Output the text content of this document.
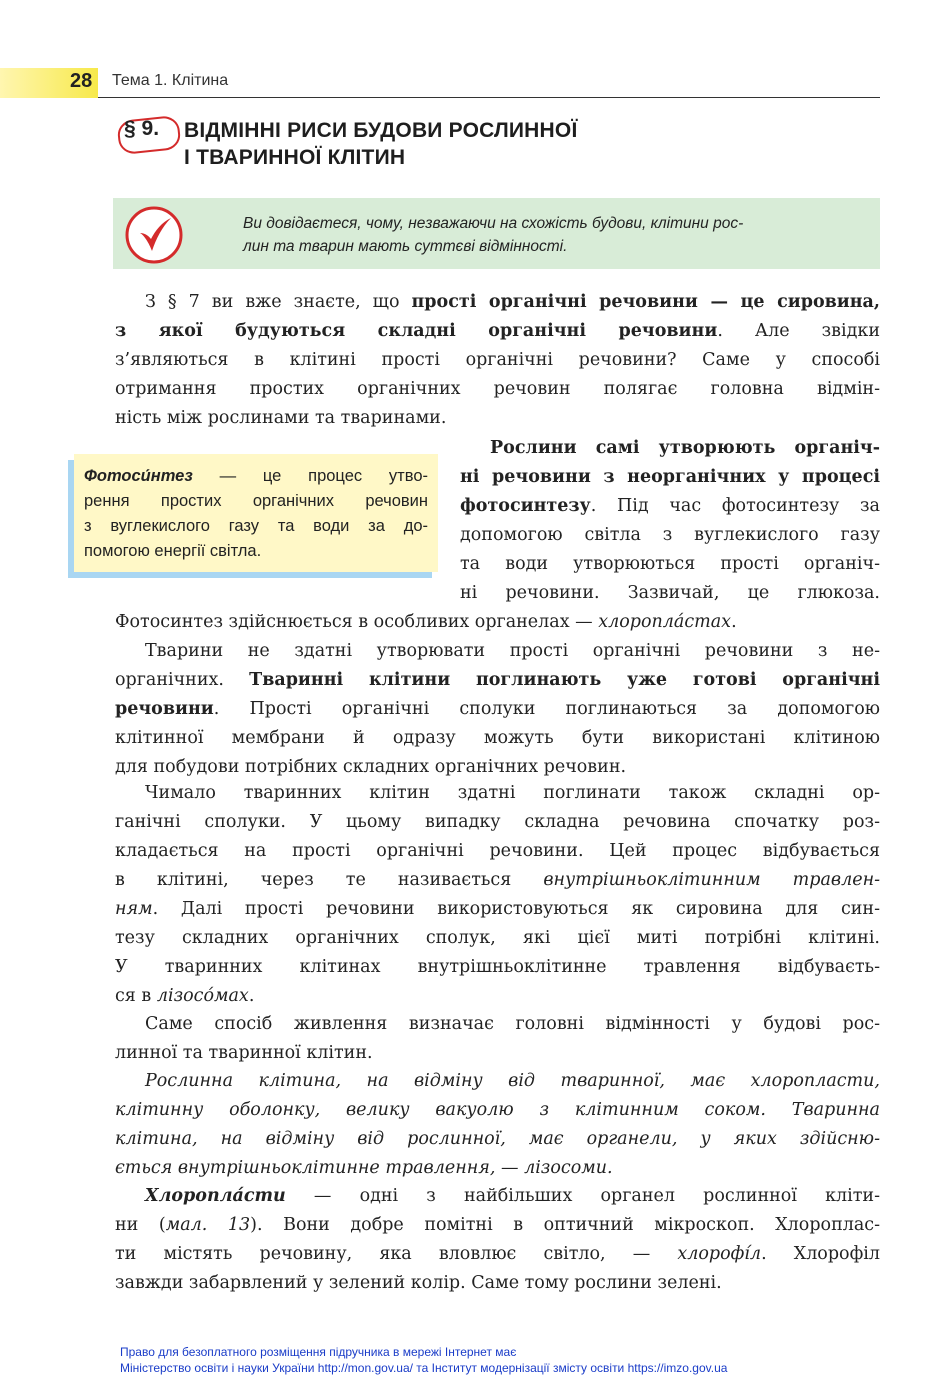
28 Тема 1. Клітина
§ 9. ВІДМІННІ РИСИ БУДОВИ РОСЛИННОЇ
І ТВАРИННОЇ КЛІТИН
Ви довідаєтеся, чому, незважаючи на схожість будови, клітини рос-
лин та тварин мають суттєві відмінності.
З § 7 ви вже знаєте, що прості органічні речовини — це сировина,
з якої будуються складні органічні речовини. Але звідки
з’являються в клітині прості органічні речовини? Саме у способі
отримання простих органічних речовин полягає головна відмін-
ність між рослинами та тваринами.
Фотоси́нтез — це процес утво-
рення простих органічних речовин
з вуглекислого газу та води за до-
помогою енергії світла.
Рослини самі утворюють органіч-
ні речовини з неорганічних у процесі
фотосинтезу. Під час фотосинтезу за
допомогою світла з вуглекислого газу
та води утворюються прості органіч-
ні речовини. Зазвичай, це глюкоза.
Фотосинтез здійснюється в особливих органелах — хлоропла́стах.
Тварини не здатні утворювати прості органічні речовини з не-
органічних. Тваринні клітини поглинають уже готові органічні
речовини. Прості органічні сполуки поглинаються за допомогою
клітинної мембрани й одразу можуть бути використані клітиною
для побудови потрібних складних органічних речовин.
Чимало тваринних клітин здатні поглинати також складні ор-
ганічні сполуки. У цьому випадку складна речовина спочатку роз-
кладається на прості органічні речовини. Цей процес відбувається
в клітині, через те називається внутрішньоклітинним травлен-
ням. Далі прості речовини використовуються як сировина для син-
тезу складних органічних сполук, які цієї миті потрібні клітині.
У тваринних клітинах внутрішньоклітинне травлення відбуваєть-
ся в лізосо́мах.
Саме спосіб живлення визначає головні відмінності у будові рос-
линної та тваринної клітин.
Рослинна клітина, на відміну від тваринної, має хлоропласти,
клітинну оболонку, велику вакуолю з клітинним соком. Тваринна
клітина, на відміну від рослинної, має органели, у яких здійсню-
ється внутрішньоклітинне травлення, — лізосоми.
Хлоропла́сти — одні з найбільших органел рослинної кліти-
ни (мал. 13). Вони добре помітні в оптичний мікроскоп. Хлороплас-
ти містять речовину, яка вловлює світло, — хлорофі́л. Хлорофіл
завжди забарвлений у зелений колір. Саме тому рослини зелені.
Право для безоплатного розміщення підручника в мережі Інтернет має
Міністерство освіти і науки України http://mon.gov.ua/ та Інститут модернізації змісту освіти https://imzo.gov.ua
